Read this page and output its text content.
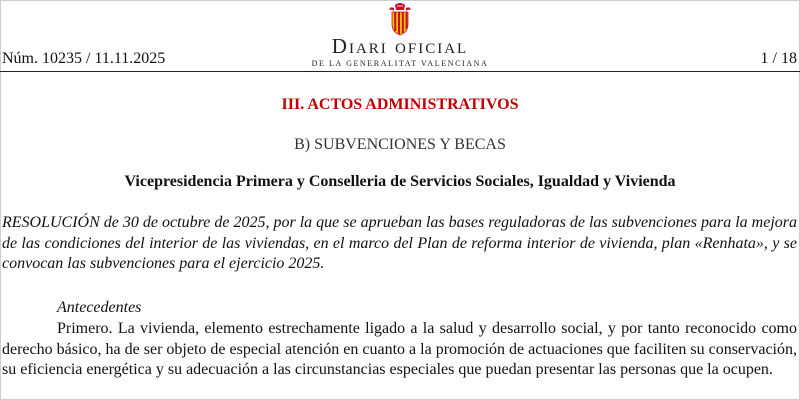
Núm. 10235 / 11.11.2025
Diari oficial
DE LA GENERALITAT VALENCIANA	1 / 18
III. ACTOS ADMINISTRATIVOS
B) SUBVENCIONES Y BECAS
Vicepresidencia Primera y Conselleria de Servicios Sociales, Igualdad y Vivienda

RESOLUCIÓN de 30 de octubre de 2025, por la que se aprueban las bases reguladoras de las subvenciones para la mejora de las condiciones del interior de las viviendas, en el marco del Plan de reforma interior de vivienda, plan «Renhata», y se convocan las subvenciones para el ejercicio 2025.

Antecedentes

Primero. La vivienda, elemento estrechamente ligado a la salud y desarrollo social, y por tanto reconocido como derecho básico, ha de ser objeto de especial atención en cuanto a la promoción de actuaciones que faciliten su conservación, su eficiencia energética y su adecuación a las circunstancias especiales que puedan presentar las personas que la ocupen.
